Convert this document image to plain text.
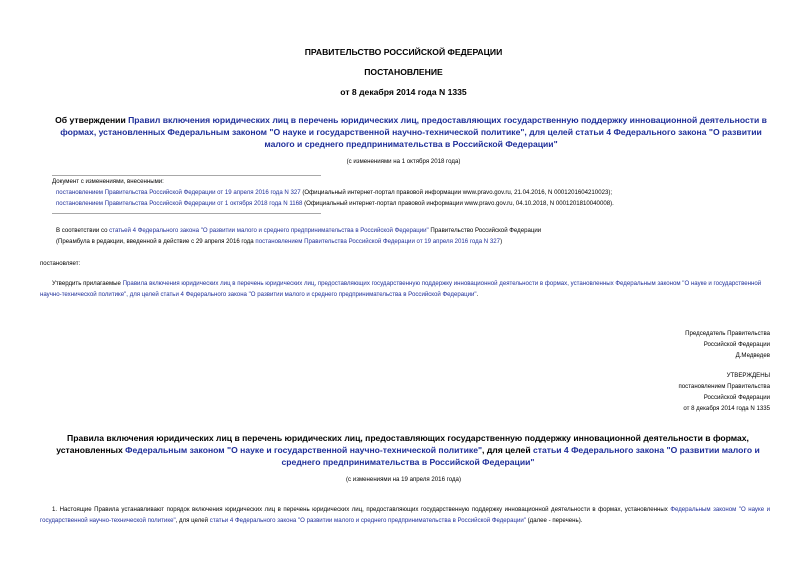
ПРАВИТЕЛЬСТВО РОССИЙСКОЙ ФЕДЕРАЦИИ
ПОСТАНОВЛЕНИЕ
от 8 декабря 2014 года N 1335
Об утверждении Правил включения юридических лиц в перечень юридических лиц, предоставляющих государственную поддержку инновационной деятельности в формах, установленных Федеральным законом "О науке и государственной научно-технической политике", для целей статьи 4 Федерального закона "О развитии малого и среднего предпринимательства в Российской Федерации"
(с изменениями на 1 октября 2018 года)
Документ с изменениями, внесенными:
постановлением Правительства Российской Федерации от 19 апреля 2016 года N 327 (Официальный интернет-портал правовой информации www.pravo.gov.ru, 21.04.2016, N 0001201604210023);
постановлением Правительства Российской Федерации от 1 октября 2018 года N 1168 (Официальный интернет-портал правовой информации www.pravo.gov.ru, 04.10.2018, N 0001201810040008).
В соответствии со статьей 4 Федерального закона "О развитии малого и среднего предпринимательства в Российской Федерации" Правительство Российской Федерации
(Преамбула в редакции, введенной в действие с 29 апреля 2016 года постановлением Правительства Российской Федерации от 19 апреля 2016 года N 327)
постановляет:
Утвердить прилагаемые Правила включения юридических лиц в перечень юридических лиц, предоставляющих государственную поддержку инновационной деятельности в формах, установленных Федеральным законом "О науке и государственной научно-технической политике", для целей статьи 4 Федерального закона "О развитии малого и среднего предпринимательства в Российской Федерации".
Председатель Правительства
Российской Федерации
Д.Медведев
УТВЕРЖДЕНЫ
постановлением Правительства
Российской Федерации
от 8 декабря 2014 года N 1335
Правила включения юридических лиц в перечень юридических лиц, предоставляющих государственную поддержку инновационной деятельности в формах, установленных Федеральным законом "О науке и государственной научно-технической политике", для целей статьи 4 Федерального закона "О развитии малого и среднего предпринимательства в Российской Федерации"
(с изменениями на 19 апреля 2016 года)
1. Настоящие Правила устанавливают порядок включения юридических лиц в перечень юридических лиц, предоставляющих государственную поддержку инновационной деятельности в формах, установленных Федеральным законом "О науке и государственной научно-технической политике", для целей статьи 4 Федерального закона "О развитии малого и среднего предпринимательства в Российской Федерации" (далее - перечень).
